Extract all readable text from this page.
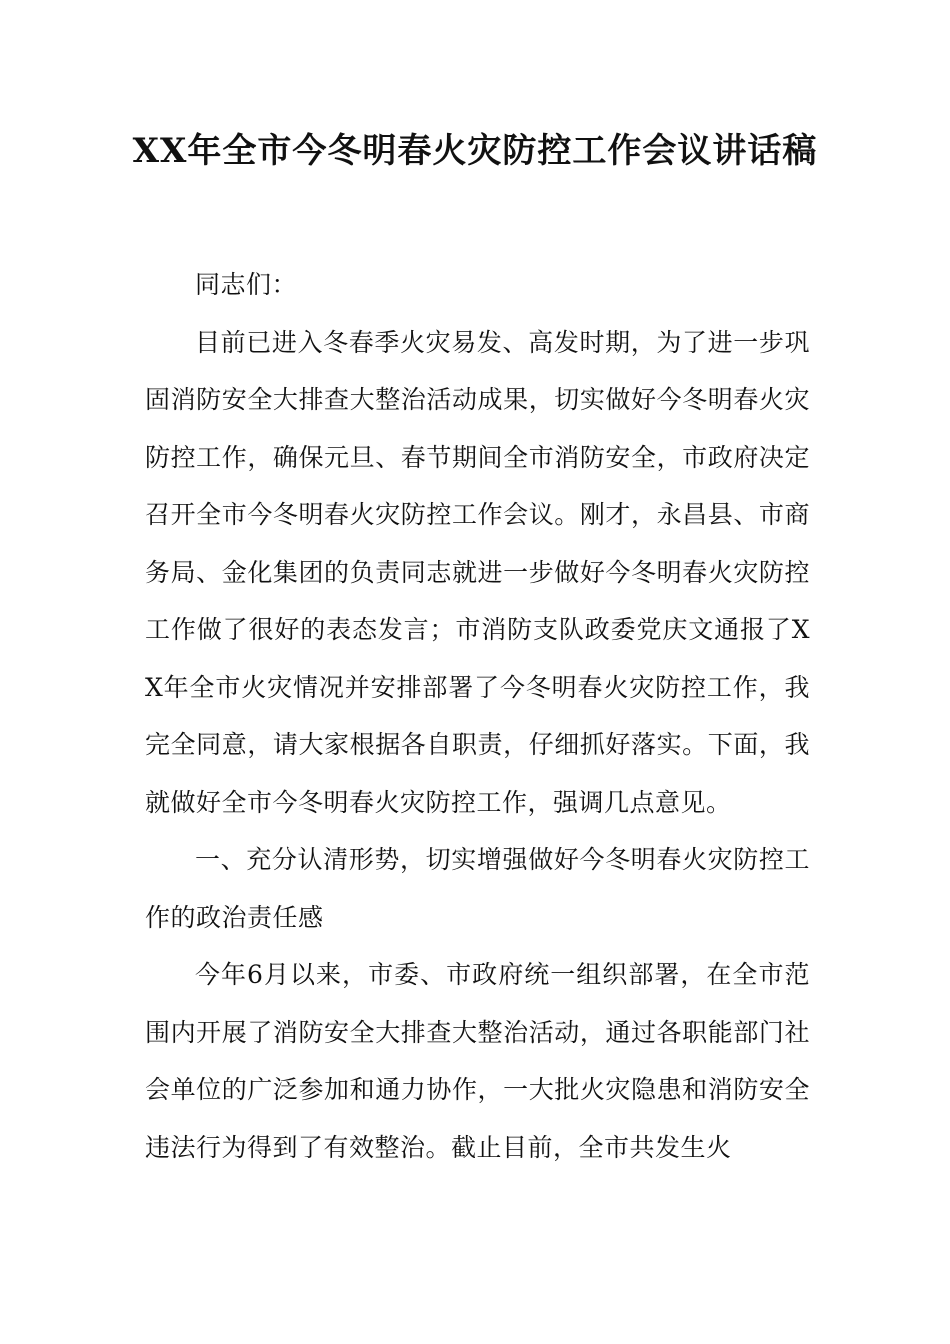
XX年全市今冬明春火灾防控工作会议讲话稿

同志们：

目前已进入冬春季火灾易发、高发时期，为了进一步巩固消防安全大排查大整治活动成果，切实做好今冬明春火灾防控工作，确保元旦、春节期间全市消防安全，市政府决定召开全市今冬明春火灾防控工作会议。刚才，永昌县、市商务局、金化集团的负责同志就进一步做好今冬明春火灾防控工作做了很好的表态发言；市消防支队政委党庆文通报了XX年全市火灾情况并安排部署了今冬明春火灾防控工作，我完全同意，请大家根据各自职责，仔细抓好落实。下面，我就做好全市今冬明春火灾防控工作，强调几点意见。

一、充分认清形势，切实增强做好今冬明春火灾防控工作的政治责任感

今年6月以来，市委、市政府统一组织部署，在全市范围内开展了消防安全大排查大整治活动，通过各职能部门社会单位的广泛参加和通力协作，一大批火灾隐患和消防安全违法行为得到了有效整治。截止目前，全市共发生火
